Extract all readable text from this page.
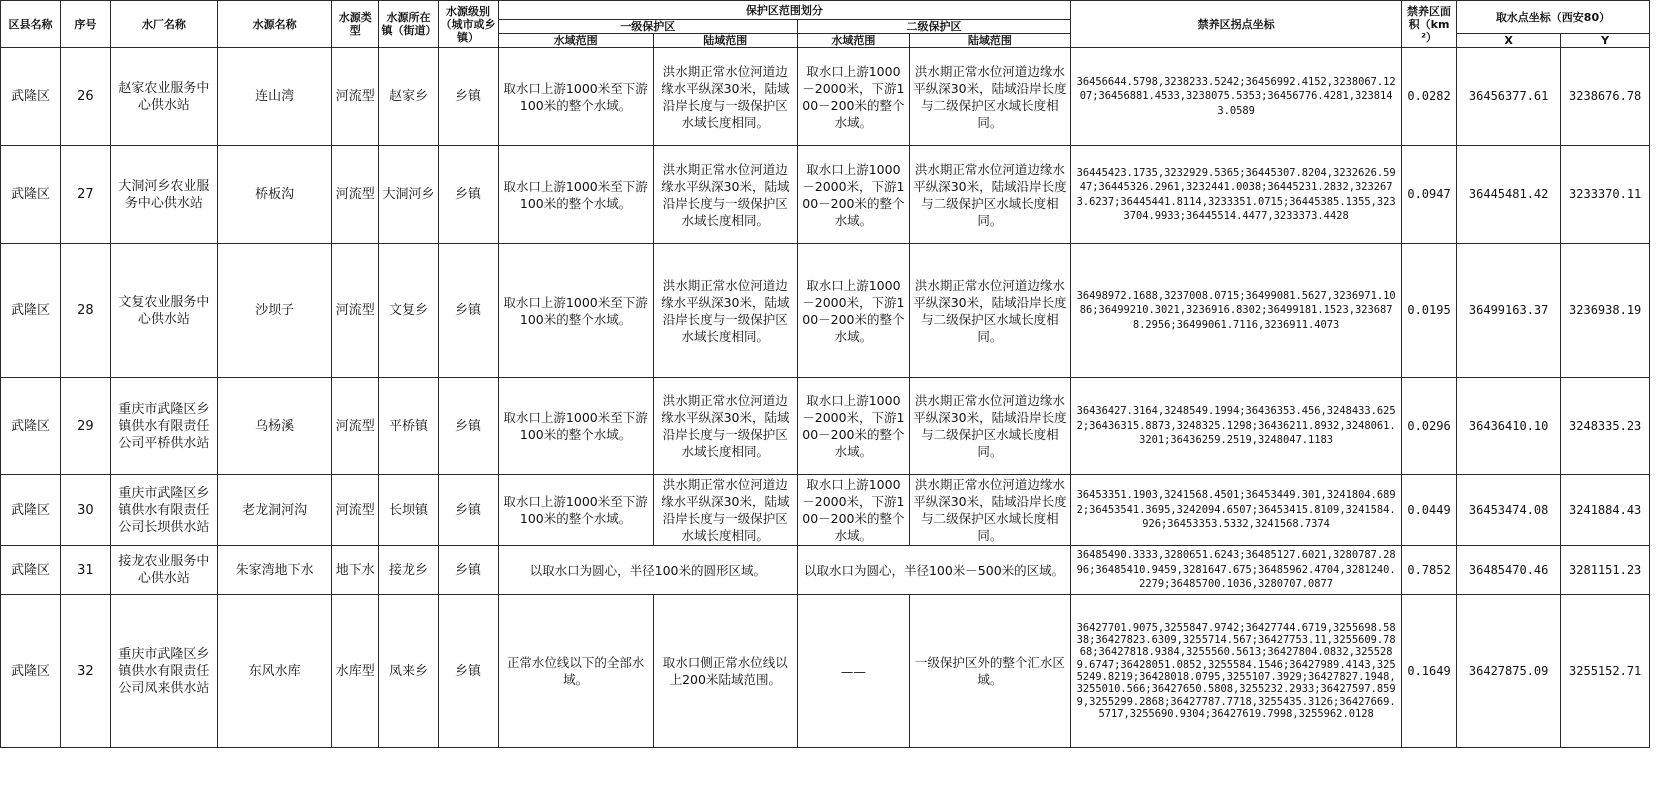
区县名称	序号	水厂名称	水源名称	水源类型	水源所在镇（街道）	水源级别（城市或乡镇）	保护区范围划分				禁养区拐点坐标	禁养区面积（km²）	取水点坐标（西安80）	
							一级保护区		二级保护区					
							水域范围	陆域范围	水域范围	陆域范围			X	Y
武隆区	26	赵家农业服务中心供水站	连山湾	河流型	赵家乡	乡镇	取水口上游1000米至下游100米的整个水域。	洪水期正常水位河道边缘水平纵深30米，陆域沿岸长度与一级保护区水域长度相同。	取水口上游1000－2000米，下游100－200米的整个水域。	洪水期正常水位河道边缘水平纵深30米，陆域沿岸长度与二级保护区水域长度相同。	36456644.5798,3238233.5242;36456992.4152,3238067.1207;36456881.4533,3238075.5353;36456776.4281,3238143.0589	0.0282	36456377.61	3238676.78
武隆区	27	大洞河乡农业服务中心供水站	桥板沟	河流型	大洞河乡	乡镇	取水口上游1000米至下游100米的整个水域。	洪水期正常水位河道边缘水平纵深30米，陆域沿岸长度与一级保护区水域长度相同。	取水口上游1000－2000米，下游100－200米的整个水域。	洪水期正常水位河道边缘水平纵深30米，陆域沿岸长度与二级保护区水域长度相同。	36445423.1735,3232929.5365;36445307.8204,3232626.5947;36445326.2961,3232441.0038;36445231.2832,3232673.6237;36445441.8114,3233351.0715;36445385.1355,3233704.9933;36445514.4477,3233373.4428	0.0947	36445481.42	3233370.11
武隆区	28	文复农业服务中心供水站	沙坝子	河流型	文复乡	乡镇	取水口上游1000米至下游100米的整个水域。	洪水期正常水位河道边缘水平纵深30米，陆域沿岸长度与一级保护区水域长度相同。	取水口上游1000－2000米，下游100－200米的整个水域。	洪水期正常水位河道边缘水平纵深30米，陆域沿岸长度与二级保护区水域长度相同。	36498972.1688,3237008.0715;36499081.5627,3236971.1086;36499210.3021,3236916.8302;36499181.1523,3236878.2956;36499061.7116,3236911.4073	0.0195	36499163.37	3236938.19
武隆区	29	重庆市武隆区乡镇供水有限责任公司平桥供水站	乌杨溪	河流型	平桥镇	乡镇	取水口上游1000米至下游100米的整个水域。	洪水期正常水位河道边缘水平纵深30米，陆域沿岸长度与一级保护区水域长度相同。	取水口上游1000－2000米，下游100－200米的整个水域。	洪水期正常水位河道边缘水平纵深30米，陆域沿岸长度与二级保护区水域长度相同。	36436427.3164,3248549.1994;36436353.456,3248433.6252;36436315.8873,3248325.1298;36436211.8932,3248061.3201;36436259.2519,3248047.1183	0.0296	36436410.10	3248335.23
武隆区	30	重庆市武隆区乡镇供水有限责任公司长坝供水站	老龙洞河沟	河流型	长坝镇	乡镇	取水口上游1000米至下游100米的整个水域。	洪水期正常水位河道边缘水平纵深30米，陆域沿岸长度与一级保护区水域长度相同。	取水口上游1000－2000米，下游100－200米的整个水域。	洪水期正常水位河道边缘水平纵深30米，陆域沿岸长度与二级保护区水域长度相同。	36453351.1903,3241568.4501;36453449.301,3241804.6892;36453541.3695,3242094.6507;36453415.8109,3241584.926;36453353.5332,3241568.7374	0.0449	36453474.08	3241884.43
武隆区	31	接龙农业服务中心供水站	朱家湾地下水	地下水	接龙乡	乡镇	以取水口为圆心，半径100米的圆形区域。		以取水口为圆心，半径100米－500米的区域。		36485490.3333,3280651.6243;36485127.6021,3280787.2896;36485410.9459,3281647.675;36485962.4704,3281240.2279;36485700.1036,3280707.0877	0.7852	36485470.46	3281151.23
武隆区	32	重庆市武隆区乡镇供水有限责任公司凤来供水站	东风水库	水库型	凤来乡	乡镇	正常水位线以下的全部水域。	取水口侧正常水位线以上200米陆域范围。	——	一级保护区外的整个汇水区域。	36427701.9075,3255847.9742;36427744.6719,3255698.5838;36427823.6309,3255714.567;36427753.11,3255609.7868;36427818.9384,3255560.5613;36427804.0832,3255289.6747;36428051.0852,3255584.1546;36427989.4143,3255249.8219;36428018.0795,3255107.3929;36427827.1948,3255010.566;36427650.5808,3255232.2933;36427597.8599,3255299.2868;36427787.7718,3255435.3126;36427669.5717,3255690.9304;36427619.7998,3255962.0128	0.1649	36427875.09	3255152.71
